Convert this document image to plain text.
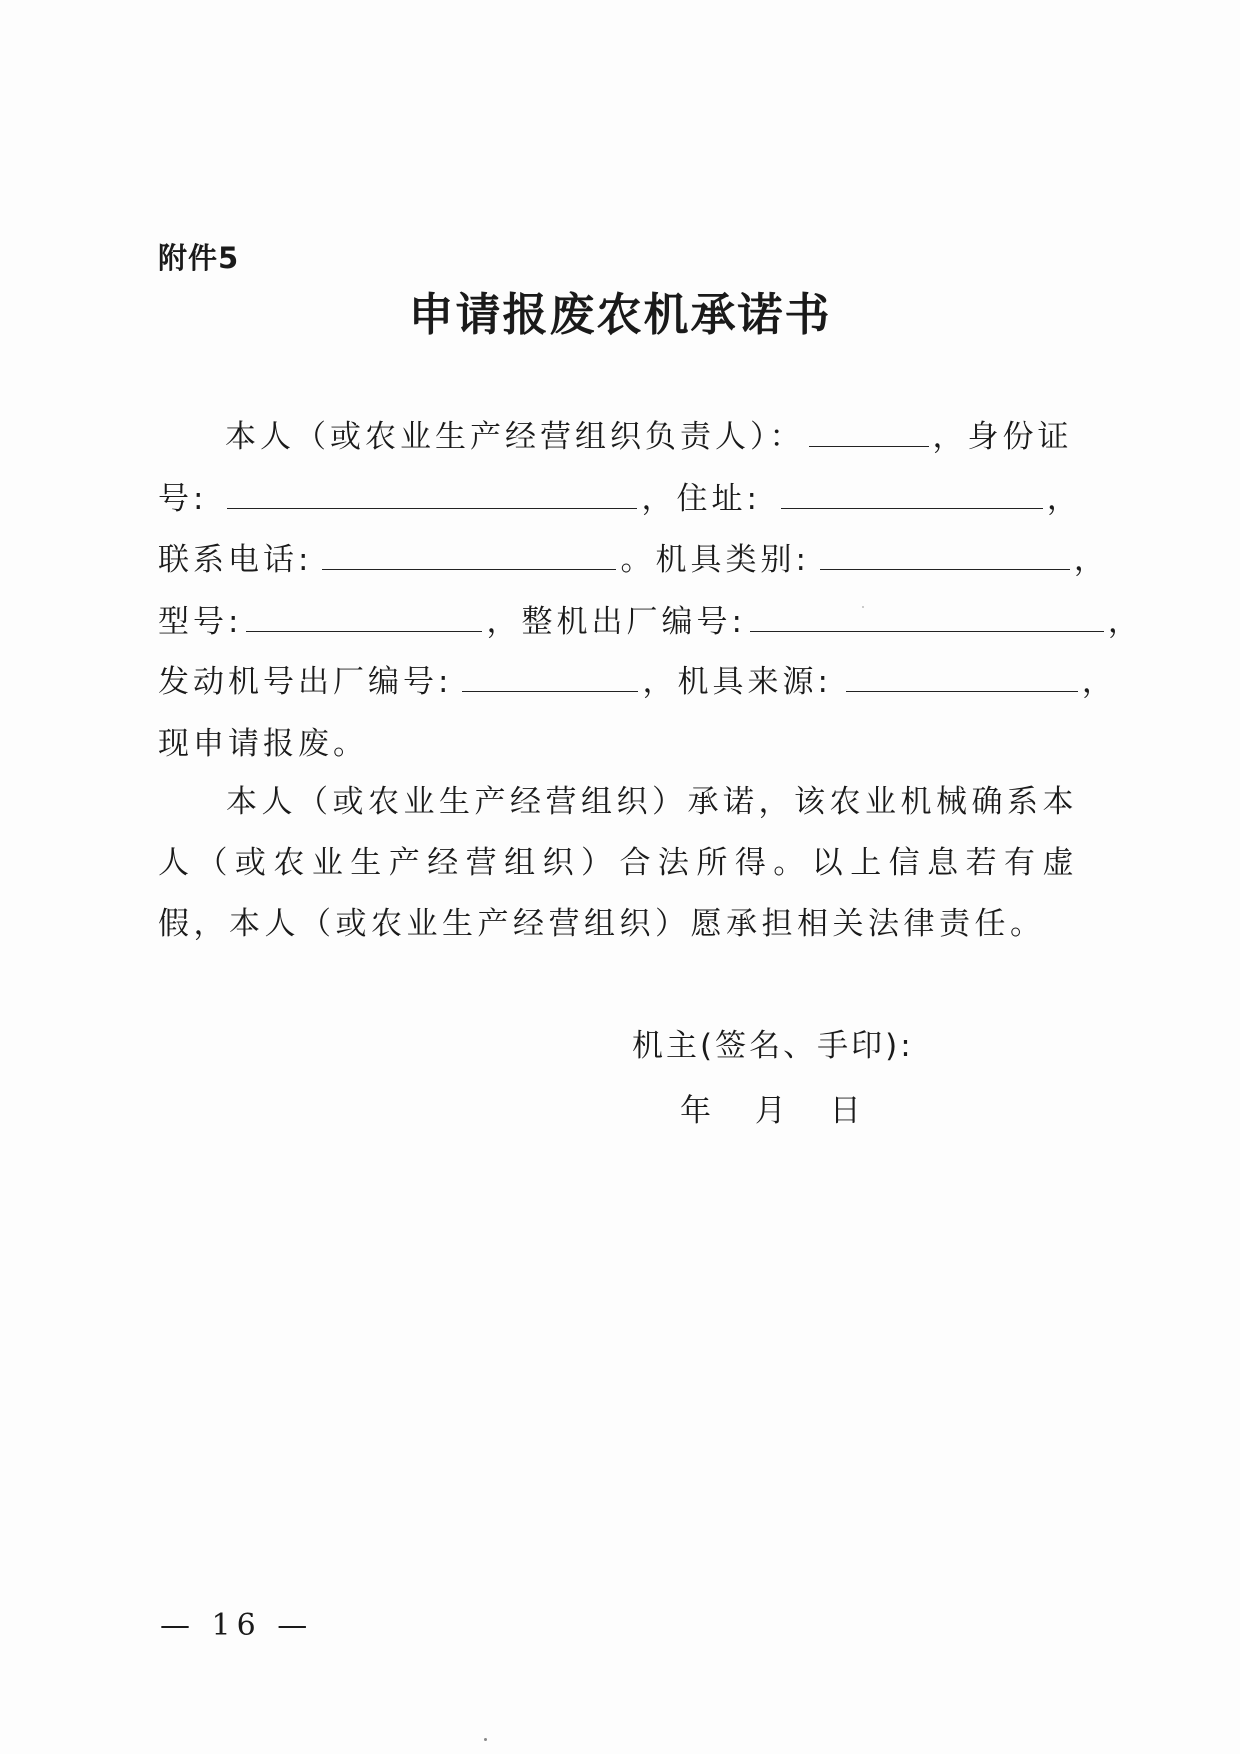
附件5
申请报废农机承诺书
本人（或农业生产经营组织负责人）：	，身份证
号:	，住址:	，
联系电话:	。机具类别:	，
型号:	，整机出厂编号:	，
发动机号出厂编号:	，机具来源:	，
现申请报废。
本人（或农业生产经营组织）承诺，该农业机械确系本人（或农业生产经营组织）合法所得。以上信息若有虚假，本人（或农业生产经营组织）愿承担相关法律责任。
机主(签名、手印):
年 月 日
— 16 —
